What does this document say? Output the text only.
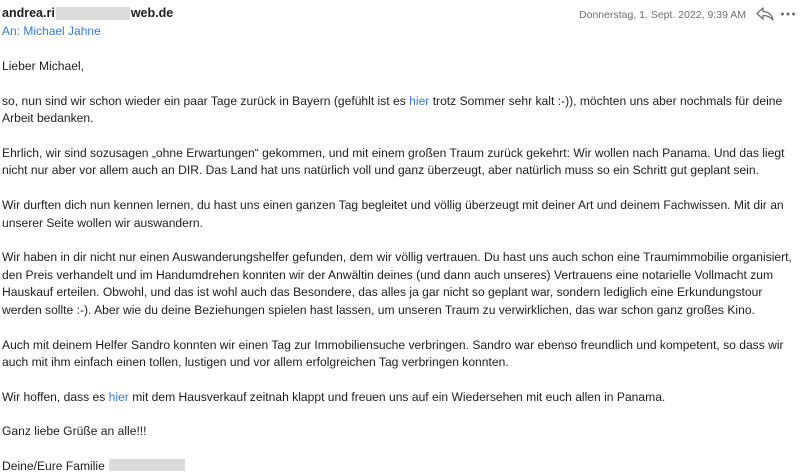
andrea.ri	web.de
An: Michael Jahne
Donnerstag, 1. Sept. 2022, 9:39 AM

Lieber Michael,

so, nun sind wir schon wieder ein paar Tage zurück in Bayern (gefühlt ist es hier trotz Sommer sehr kalt :-)), möchten uns aber nochmals für deine
Arbeit bedanken.

Ehrlich, wir sind sozusagen „ohne Erwartungen“ gekommen, und mit einem großen Traum zurück gekehrt: Wir wollen nach Panama. Und das liegt
nicht nur aber vor allem auch an DIR. Das Land hat uns natürlich voll und ganz überzeugt, aber natürlich muss so ein Schritt gut geplant sein.

Wir durften dich nun kennen lernen, du hast uns einen ganzen Tag begleitet und völlig überzeugt mit deiner Art und deinem Fachwissen. Mit dir an
unserer Seite wollen wir auswandern.

Wir haben in dir nicht nur einen Auswanderungshelfer gefunden, dem wir völlig vertrauen. Du hast uns auch schon eine Traumimmobilie organisiert,
den Preis verhandelt und im Handumdrehen konnten wir der Anwältin deines (und dann auch unseres) Vertrauens eine notarielle Vollmacht zum
Hauskauf erteilen. Obwohl, und das ist wohl auch das Besondere, das alles ja gar nicht so geplant war, sondern lediglich eine Erkundungstour
werden sollte :-). Aber wie du deine Beziehungen spielen hast lassen, um unseren Traum zu verwirklichen, das war schon ganz großes Kino.

Auch mit deinem Helfer Sandro konnten wir einen Tag zur Immobiliensuche verbringen. Sandro war ebenso freundlich und kompetent, so dass wir
auch mit ihm einfach einen tollen, lustigen und vor allem erfolgreichen Tag verbringen konnten.

Wir hoffen, dass es hier mit dem Hausverkauf zeitnah klappt und freuen uns auf ein Wiedersehen mit euch allen in Panama.

Ganz liebe Grüße an alle!!!

Deine/Eure Familie
